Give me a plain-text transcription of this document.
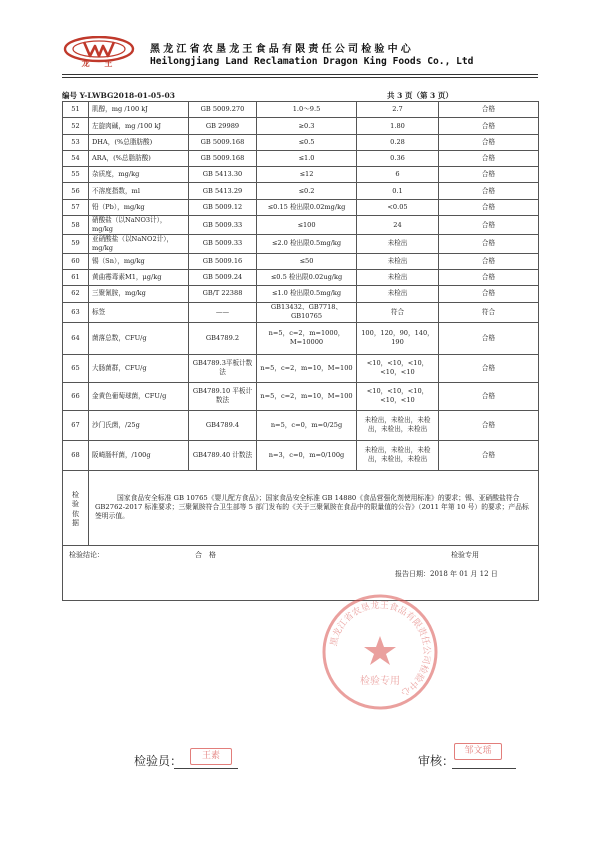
龙 王
黑龙江省农垦龙王食品有限责任公司检验中心
Heilongjiang Land Reclamation Dragon King Foods Co., Ltd
编号 Y-LWBG2018-01-05-03	共 3 页（第 3 页）
51	肌醇，mg /100 kJ	GB 5009.270	1.0～9.5	2.7	合格
52	左旋肉碱，mg /100 kJ	GB 29989	≥0.3	1.80	合格
53	DHA，(%总脂肪酸)	GB 5009.168	≤0.5	0.28	合格
54	ARA，(%总脂肪酸)	GB 5009.168	≤1.0	0.36	合格
55	杂质度，mg/kg	GB 5413.30	≤12	6	合格
56	不溶度指数，ml	GB 5413.29	≤0.2	0.1	合格
57	铅（Pb），mg/kg	GB 5009.12	≤0.15 检出限0.02mg/kg	<0.05	合格
58	硝酸盐（以NaNO3计），mg/kg	GB 5009.33	≤100	24	合格
59	亚硝酸盐（以NaNO2计），mg/kg	GB 5009.33	≤2.0 检出限0.5mg/kg	未检出	合格
60	锡（Sn），mg/kg	GB 5009.16	≤50	未检出	合格
61	黄曲霉毒素M1，μg/kg	GB 5009.24	≤0.5 检出限0.02ug/kg	未检出	合格
62	三聚氰胺，mg/kg	GB/T 22388	≤1.0 检出限0.5mg/kg	未检出	合格
63	标签	——	GB13432、GB7718、GB10765	符合	符合
64	菌落总数，CFU/g	GB4789.2	n=5，c=2，m=1000，M=10000	100，120，90，140，190	合格
65	大肠菌群，CFU/g	GB4789.3平板计数法	n=5，c=2，m=10，M=100	<10，<10，<10，<10，<10	合格
66	金黄色葡萄球菌，CFU/g	GB4789.10 平板计数法	n=5，c=2，m=10，M=100	<10，<10，<10，<10，<10	合格
67	沙门氏菌，/25g	GB4789.4	n=5，c=0，m=0/25g	未检出，未检出，未检出，未检出，未检出	合格
68	阪崎肠杆菌，/100g	GB4789.40 计数法	n=3，c=0，m=0/100g	未检出，未检出，未检出，未检出，未检出	合格
检验依据	国家食品安全标准 GB 10765《婴儿配方食品》；国家食品安全标准 GB 14880《食品营强化剂使用标准》的要求；锡、亚硝酸盐符合 GB2762-2017 标准要求；三聚氰胺符合卫生部等 5 部门发布的《关于三聚氰胺在食品中的限量值的公告》（2011 年第 10 号）的要求；产品标签明示值。				

检验结论： 合　格 检验专用
报告日期：2018 年 01 月 12 日					
黑龙江省农垦龙王食品有限责任公司检验中心
检验专用
检验员：	王素	审核：
邹文瑶
